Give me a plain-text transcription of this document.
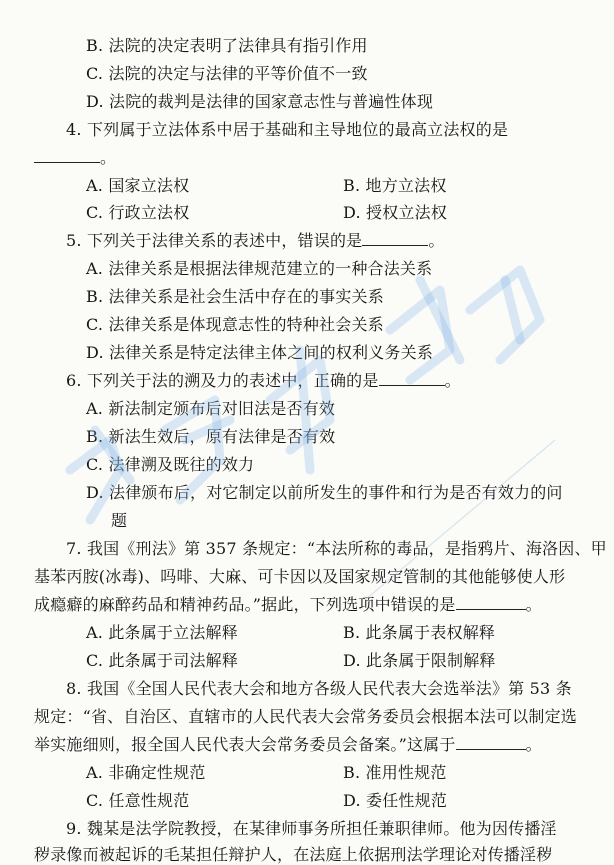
B. 法院的决定表明了法律具有指引作用
C. 法院的决定与法律的平等价值不一致
D. 法院的裁判是法律的国家意志性与普遍性体现
4. 下列属于立法体系中居于基础和主导地位的最高立法权的是
。
A. 国家立法权	B. 地方立法权
C. 行政立法权	D. 授权立法权
5. 下列关于法律关系的表述中，错误的是	。
A. 法律关系是根据法律规范建立的一种合法关系
B. 法律关系是社会生活中存在的事实关系
C. 法律关系是体现意志性的特种社会关系
D. 法律关系是特定法律主体之间的权利义务关系
6. 下列关于法的溯及力的表述中，正确的是	。
A. 新法制定颁布后对旧法是否有效
B. 新法生效后，原有法律是否有效
C. 法律溯及既往的效力
D. 法律颁布后，对它制定以前所发生的事件和行为是否有效力的问
题
7. 我国《刑法》第 357 条规定：“本法所称的毒品，是指鸦片、海洛因、甲
基苯丙胺(冰毒)、吗啡、大麻、可卡因以及国家规定管制的其他能够使人形
成瘾癖的麻醉药品和精神药品。”据此，下列选项中错误的是	。
A. 此条属于立法解释	B. 此条属于表权解释
C. 此条属于司法解释	D. 此条属于限制解释
8. 我国《全国人民代表大会和地方各级人民代表大会选举法》第 53 条
规定：“省、自治区、直辖市的人民代表大会常务委员会根据本法可以制定选
举实施细则，报全国人民代表大会常务委员会备案。”这属于	。
A. 非确定性规范	B. 准用性规范
C. 任意性规范	D. 委任性规范
9. 魏某是法学院教授，在某律师事务所担任兼职律师。他为因传播淫
秽录像而被起诉的毛某担任辩护人，在法庭上依据刑法学理论对传播淫秽
